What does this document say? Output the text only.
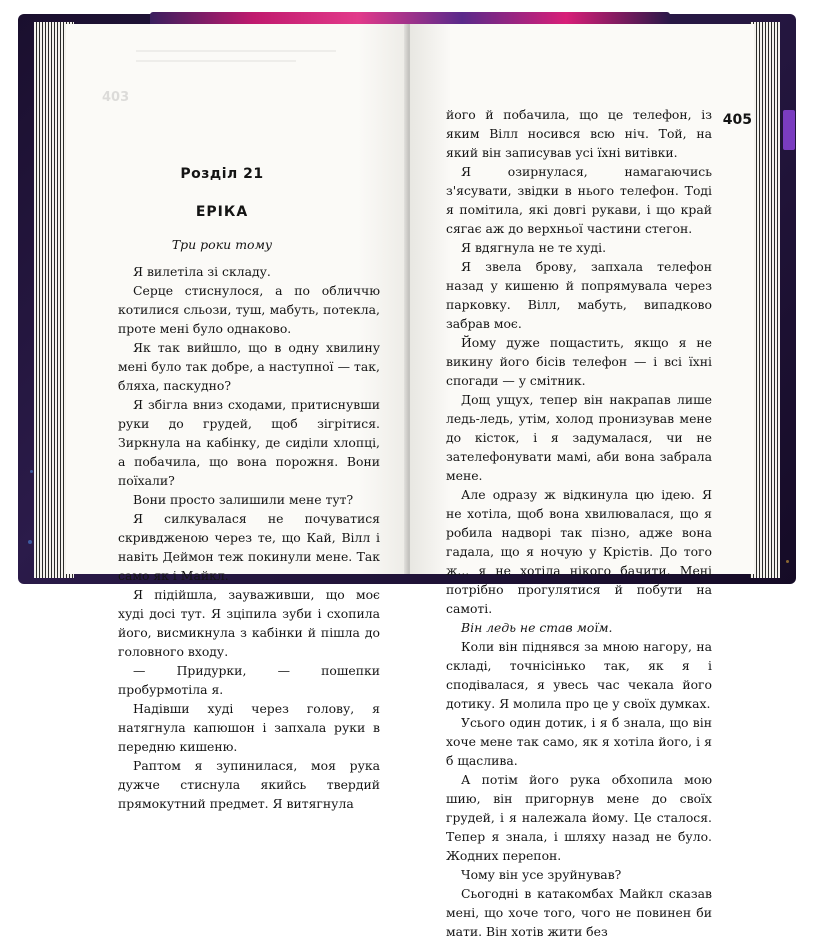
403
Розділ 21
ЕРІКА
Три роки тому

Я вилетіла зі складу.

Серце стиснулося, а по обличчю котилися сльози, туш, мабуть, потекла, проте мені було однаково.

Як так вийшло, що в одну хвилину мені було так добре, а наступної — так, бляха, паскудно?

Я збігла вниз сходами, притиснувши руки до грудей, щоб зігрітися. Зиркнула на кабінку, де сиділи хлопці, а побачила, що вона порожня. Вони поїхали?

Вони просто залишили мене тут?

Я силкувалася не почуватися скривдженою через те, що Кай, Вілл і навіть Деймон теж покинули мене. Так само як і Майкл.

Я підійшла, зауваживши, що моє худі досі тут. Я зціпила зуби і схопила його, висмикнула з кабінки й пішла до головного входу.

— Придурки, — пошепки пробурмотіла я.

Надівши худі через голову, я натягнула капюшон і запхала руки в передню кишеню.

Раптом я зупинилася, моя рука дужче стиснула якийсь твердий прямокутний предмет. Я витягнула

405

його й побачила, що це телефон, із яким Вілл носився всю ніч. Той, на який він записував усі їхні витівки.

Я озирнулася, намагаючись з'ясувати, звідки в нього телефон. Тоді я помітила, які довгі рукави, і що край сягає аж до верхньої частини стегон.

Я вдягнула не те худі.

Я звела брову, запхала телефон назад у кишеню й попрямувала через парковку. Вілл, мабуть, випадково забрав моє.

Йому дуже пощастить, якщо я не викину його бісів телефон — і всі їхні спогади — у смітник.

Дощ ущух, тепер він накрапав лише ледь-ледь, утім, холод пронизував мене до кісток, і я задумалася, чи не зателефонувати мамі, аби вона забрала мене.

Але одразу ж відкинула цю ідею. Я не хотіла, щоб вона хвилювалася, що я робила надворі так пізно, адже вона гадала, що я ночую у Крістів. До того ж... я не хотіла нікого бачити. Мені потрібно прогулятися й побути на самоті.

Він ледь не став моїм.

Коли він піднявся за мною нагору, на складі, точнісінько так, як я і сподівалася, я увесь час чекала його дотику. Я молила про це у своїх думках.

Усього один дотик, і я б знала, що він хоче мене так само, як я хотіла його, і я б щаслива.

А потім його рука обхопила мою шию, він пригорнув мене до своїх грудей, і я належала йому. Це сталося. Тепер я знала, і шляху назад не було. Жодних перепон.

Чому він усе зруйнував?

Сьогодні в катакомбах Майкл сказав мені, що хоче того, чого не повинен би мати. Він хотів жити без
